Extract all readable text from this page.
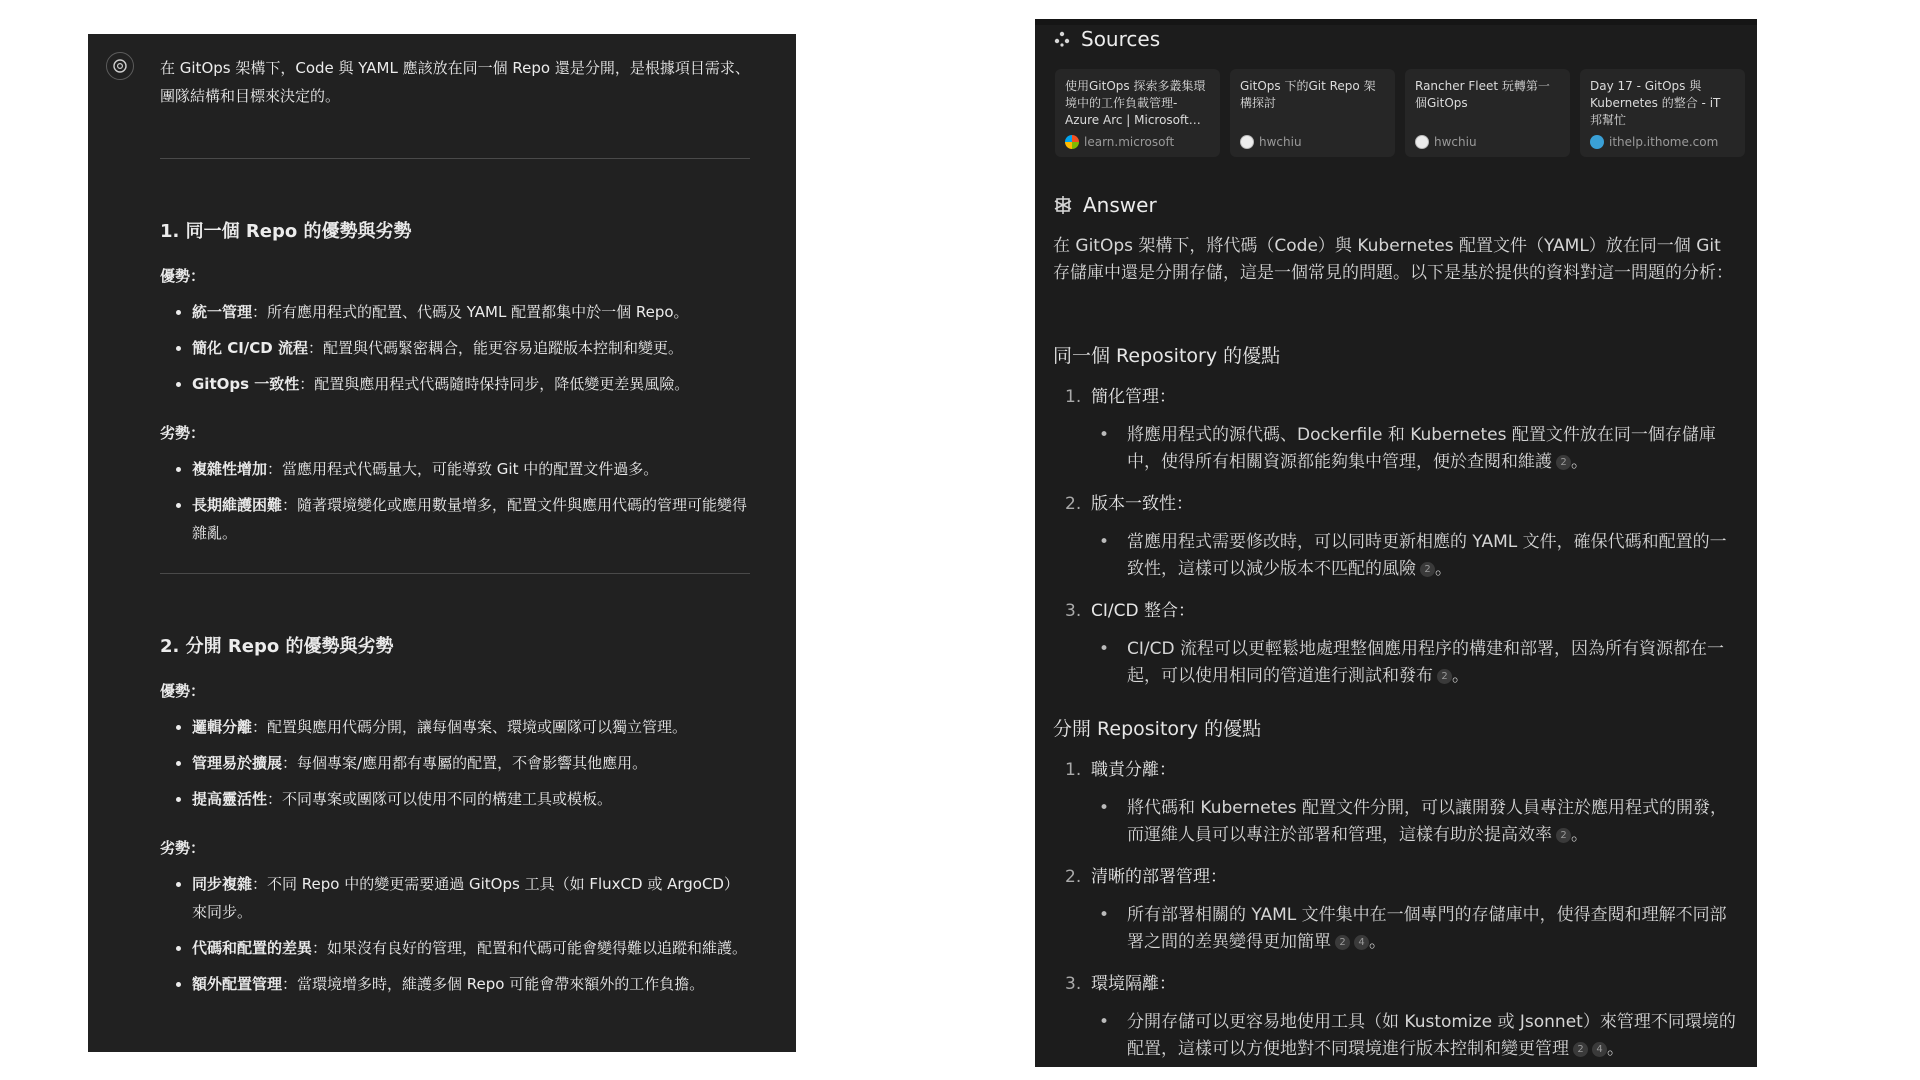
在 GitOps 架構下，Code 與 YAML 應該放在同一個 Repo 還是分開，是根據項目需求、團隊結構和目標來決定的。

1. 同一個 Repo 的優勢與劣勢
優勢：
• 統一管理：所有應用程式的配置、代碼及 YAML 配置都集中於一個 Repo。
• 簡化 CI/CD 流程：配置與代碼緊密耦合，能更容易追蹤版本控制和變更。
• GitOps 一致性：配置與應用程式代碼隨時保持同步，降低變更差異風險。
劣勢：
• 複雜性增加：當應用程式代碼量大，可能導致 Git 中的配置文件過多。
• 長期維護困難：隨著環境變化或應用數量增多，配置文件與應用代碼的管理可能變得雜亂。
2. 分開 Repo 的優勢與劣勢
優勢：
• 邏輯分離：配置與應用代碼分開，讓每個專案、環境或團隊可以獨立管理。
• 管理易於擴展：每個專案/應用都有專屬的配置，不會影響其他應用。
• 提高靈活性：不同專案或團隊可以使用不同的構建工具或模板。
劣勢：
• 同步複雜：不同 Repo 中的變更需要通過 GitOps 工具（如 FluxCD 或 ArgoCD）來同步。
• 代碼和配置的差異：如果沒有良好的管理，配置和代碼可能會變得難以追蹤和維護。
• 額外配置管理：當環境增多時，維護多個 Repo 可能會帶來額外的工作負擔。
Sources
使用GitOps 探索多叢集環境中的工作負載管理- Azure Arc | Microsoft…
learn.microsoft
GitOps 下的Git Repo 架構探討
hwchiu
Rancher Fleet 玩轉第一個GitOps
hwchiu
Day 17 - GitOps 與 Kubernetes 的整合 - iT 邦幫忙
ithelp.ithome.com
Answer
在 GitOps 架構下，將代碼（Code）與 Kubernetes 配置文件（YAML）放在同一個 Git 存儲庫中還是分開存儲，這是一個常見的問題。以下是基於提供的資料對這一問題的分析：
同一個 Repository 的優點
1. 簡化管理：
• 將應用程式的源代碼、Dockerfile 和 Kubernetes 配置文件放在同一個存儲庫中，使得所有相關資源都能夠集中管理，便於查閱和維護 2 。
2. 版本一致性：
• 當應用程式需要修改時，可以同時更新相應的 YAML 文件，確保代碼和配置的一致性，這樣可以減少版本不匹配的風險 2 。
3. CI/CD 整合：
• CI/CD 流程可以更輕鬆地處理整個應用程序的構建和部署，因為所有資源都在一起，可以使用相同的管道進行測試和發布 2 。
分開 Repository 的優點
1. 職責分離：
• 將代碼和 Kubernetes 配置文件分開，可以讓開發人員專注於應用程式的開發，而運維人員可以專注於部署和管理，這樣有助於提高效率 2 。
2. 清晰的部署管理：
• 所有部署相關的 YAML 文件集中在一個專門的存儲庫中，使得查閱和理解不同部署之間的差異變得更加簡單 2 4 。
3. 環境隔離：
• 分開存儲可以更容易地使用工具（如 Kustomize 或 Jsonnet）來管理不同環境的配置，這樣可以方便地對不同環境進行版本控制和變更管理 2 4 。
